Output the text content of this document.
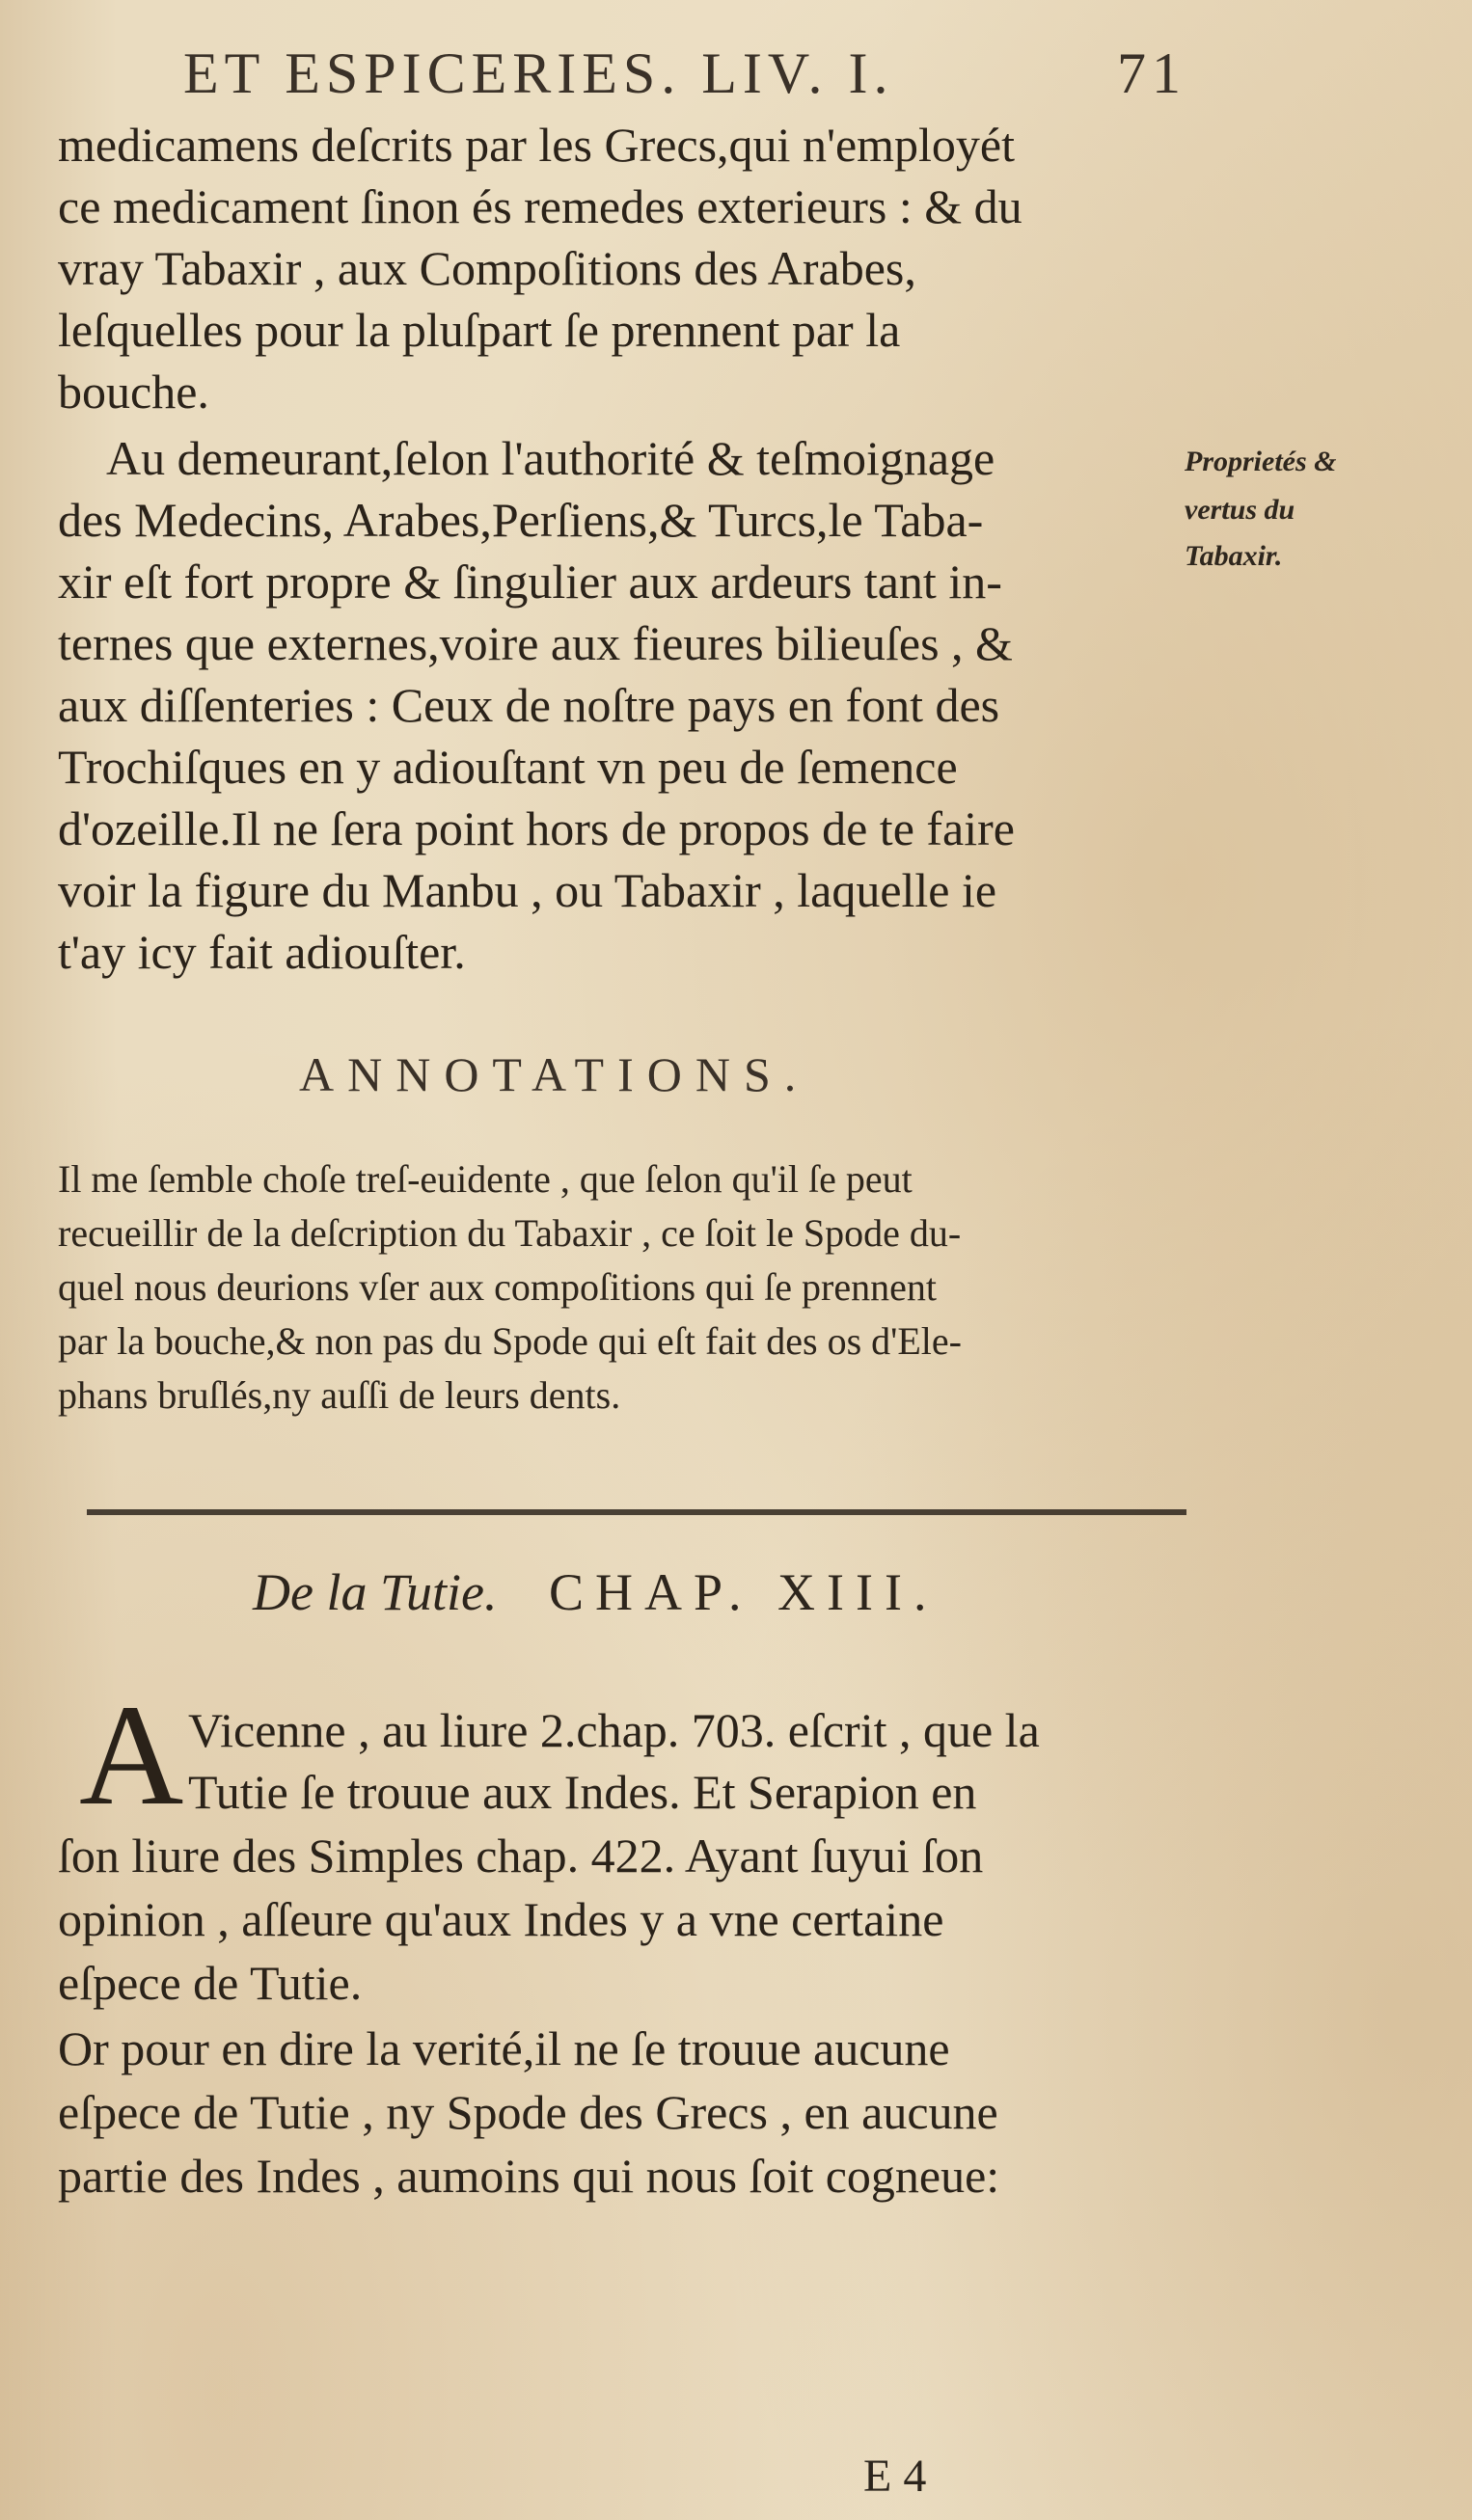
ET ESPICERIES. LIV. I.	71
medicamens deſcrits par les Grecs,qui n'employét
ce medicament ſinon és remedes exterieurs : & du
vray Tabaxir , aux Compoſitions des Arabes,
leſquelles pour la pluſpart ſe prennent par la
bouche.
Au demeurant,ſelon l'authorité & teſmoignage
des Medecins, Arabes,Perſiens,& Turcs,le Taba-
xir eſt fort propre & ſingulier aux ardeurs tant in-
ternes que externes,voire aux fieures bilieuſes , &
aux diſſenteries : Ceux de noſtre pays en font des
Trochiſques en y adiouſtant vn peu de ſemence
d'ozeille.Il ne ſera point hors de propos de te faire
voir la figure du Manbu , ou Tabaxir , laquelle ie
t'ay icy fait adiouſter.
Proprietés &
vertus du
Tabaxir.
ANNOTATIONS.
Il me ſemble choſe treſ-euidente , que ſelon qu'il ſe peut
recueillir de la deſcription du Tabaxir , ce ſoit le Spode du-
quel nous deurions vſer aux compoſitions qui ſe prennent
par la bouche,& non pas du Spode qui eſt fait des os d'Ele-
phans bruſlés,ny auſſi de leurs dents.
De la Tutie. CHAP. XIII.
A Vicenne , au liure 2.chap. 703. eſcrit , que la
Tutie ſe trouue aux Indes. Et Serapion en
ſon liure des Simples chap. 422. Ayant ſuyui ſon
opinion , aſſeure qu'aux Indes y a vne certaine
eſpece de Tutie.
Or pour en dire la verité,il ne ſe trouue aucune
eſpece de Tutie , ny Spode des Grecs , en aucune
partie des Indes , aumoins qui nous ſoit cogneue:
E 4
